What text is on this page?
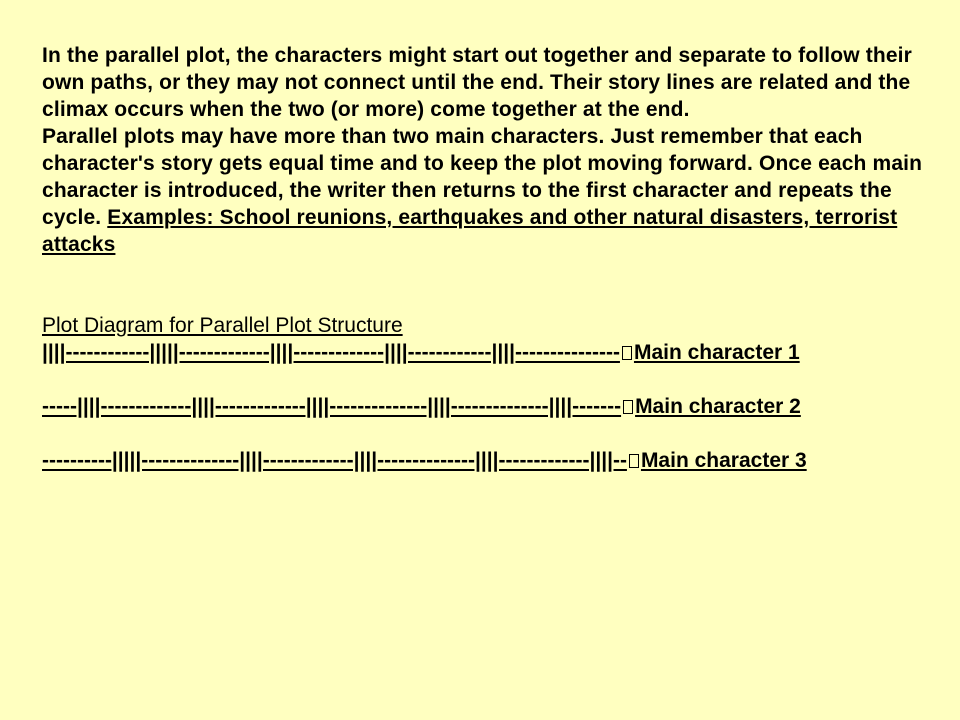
In the parallel plot, the characters might start out together and separate to follow their own paths, or they may not connect until the end. Their story lines are related and the climax occurs when the two (or more) come together at the end.
Parallel plots may have more than two main characters. Just remember that each character's story gets equal time and to keep the plot moving forward. Once each main character is introduced, the writer then returns to the first character and repeats the cycle. Examples: School reunions, earthquakes and other natural disasters, terrorist attacks

Plot Diagram for Parallel Plot Structure

||||------------|||||-------------||||-------------||||------------||||--------------- Main character 1

-----||||-------------||||-------------||||--------------||||--------------||||------- Main character 2

----------|||||--------------||||-------------||||--------------||||-------------||||-- Main character 3
